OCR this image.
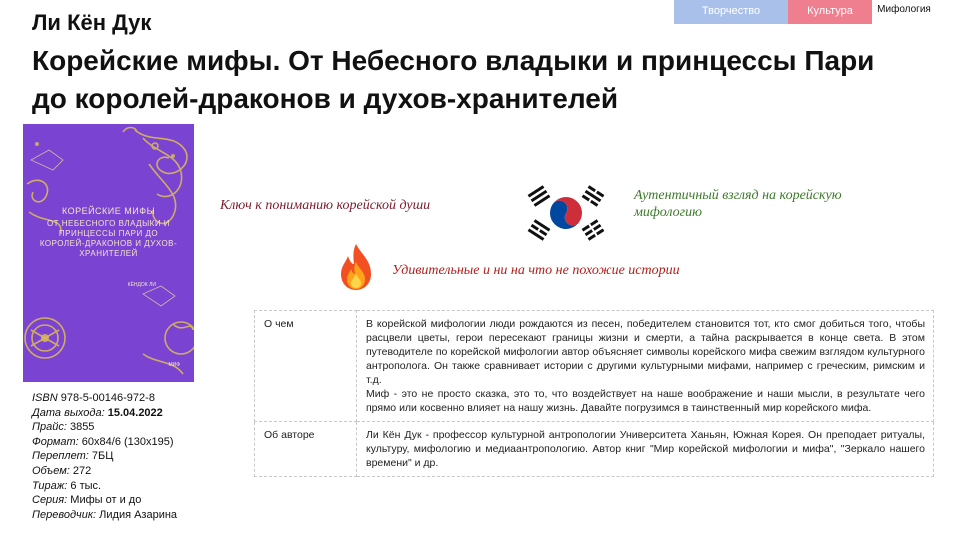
Ли Кён Дук
Корейские мифы. От Небесного владыки и принцессы Пари до королей-драконов и духов-хранителей
Творчество	Культура	Мифология
КОРЕЙСКИЕ МИФЫ
ОТ НЕБЕСНОГО ВЛАДЫКИ И ПРИНЦЕССЫ ПАРИ ДО КОРОЛЕЙ-ДРАКОНОВ И ДУХОВ-ХРАНИТЕЛЕЙ
КЁНДОК ЛИ
МИФ
ISBN 978-5-00146-972-8
Дата выхода: 15.04.2022
Прайс: 3855
Формат: 60х84/6 (130х195)
Переплет: 7БЦ
Объем: 272
Тираж: 6 тыс.
Серия: Мифы от и до
Переводчик: Лидия Азарина
Ключ к пониманию корейской души
Аутентичный взгляд на корейскую мифологию
Удивительные и ни на что не похожие истории
О чем	В корейской мифологии люди рождаются из песен, победителем становится тот, кто смог добиться того, чтобы расцвели цветы, герои пересекают границы жизни и смерти, а тайна раскрывается в конце света. В этом путеводителе по корейской мифологии автор объясняет символы корейского мифа свежим взглядом культурного антрополога. Он также сравнивает истории с другими культурными мифами, например с греческим, римским и т.д.

Миф - это не просто сказка, это то, что воздействует на наше воображение и наши мысли, в результате чего прямо или косвенно влияет на нашу жизнь. Давайте погрузимся в таинственный мир корейского мифа.

Об авторе	Ли Кён Дук - профессор культурной антропологии Университета Ханьян, Южная Корея. Он преподает ритуалы, культуру, мифологию и медиаантропологию. Автор книг "Мир корейской мифологии и мифа", "Зеркало нашего времени" и др.
